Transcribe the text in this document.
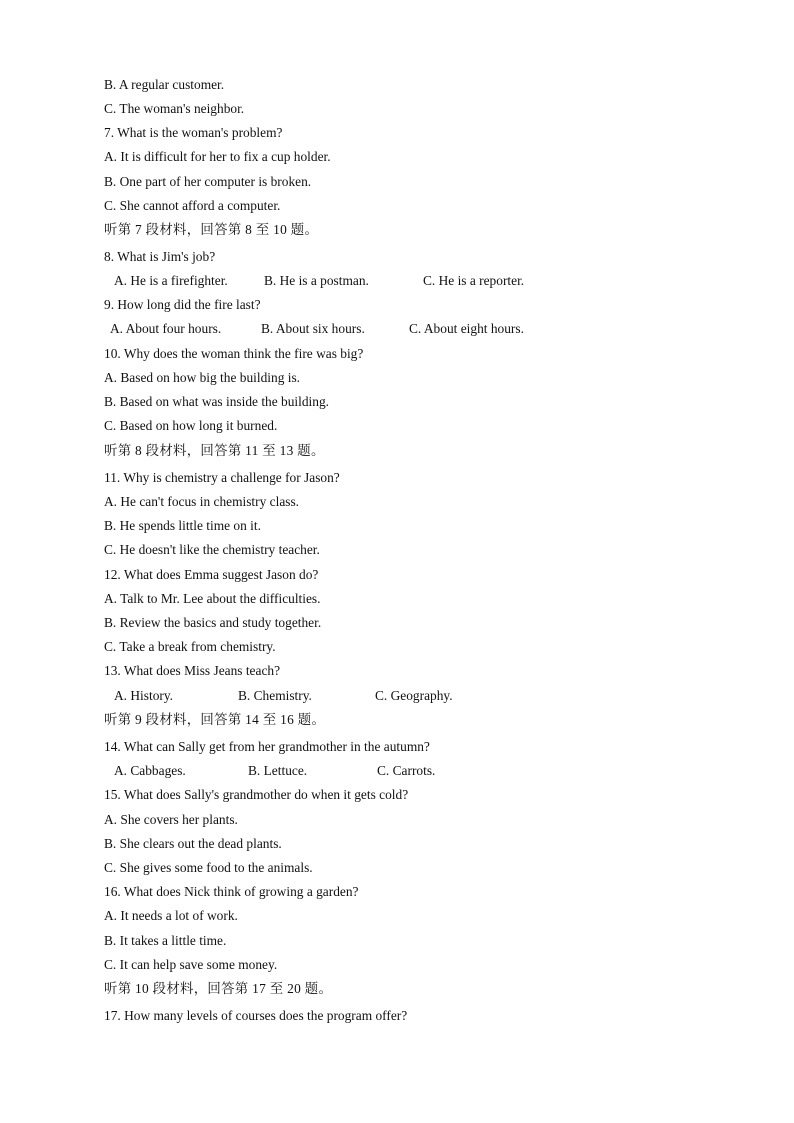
B. A regular customer.
C. The woman's neighbor.
7. What is the woman's problem?
A. It is difficult for her to fix a cup holder.
B. One part of her computer is broken.
C. She cannot afford a computer.
听第 7 段材料，回答第 8 至 10 题。
8. What is Jim's job?
A. He is a firefighter.	B. He is a postman.	C. He is a reporter.
9. How long did the fire last?
A. About four hours.	B. About six hours.	C. About eight hours.
10. Why does the woman think the fire was big?
A. Based on how big the building is.
B. Based on what was inside the building.
C. Based on how long it burned.
听第 8 段材料，回答第 11 至 13 题。
11. Why is chemistry a challenge for Jason?
A. He can't focus in chemistry class.
B. He spends little time on it.
C. He doesn't like the chemistry teacher.
12. What does Emma suggest Jason do?
A. Talk to Mr. Lee about the difficulties.
B. Review the basics and study together.
C. Take a break from chemistry.
13. What does Miss Jeans teach?
A. History.	B. Chemistry.	C. Geography.
听第 9 段材料，回答第 14 至 16 题。
14. What can Sally get from her grandmother in the autumn?
A. Cabbages.	B. Lettuce.	C. Carrots.
15. What does Sally's grandmother do when it gets cold?
A. She covers her plants.
B. She clears out the dead plants.
C. She gives some food to the animals.
16. What does Nick think of growing a garden?
A. It needs a lot of work.
B. It takes a little time.
C. It can help save some money.
听第 10 段材料，回答第 17 至 20 题。
17. How many levels of courses does the program offer?
